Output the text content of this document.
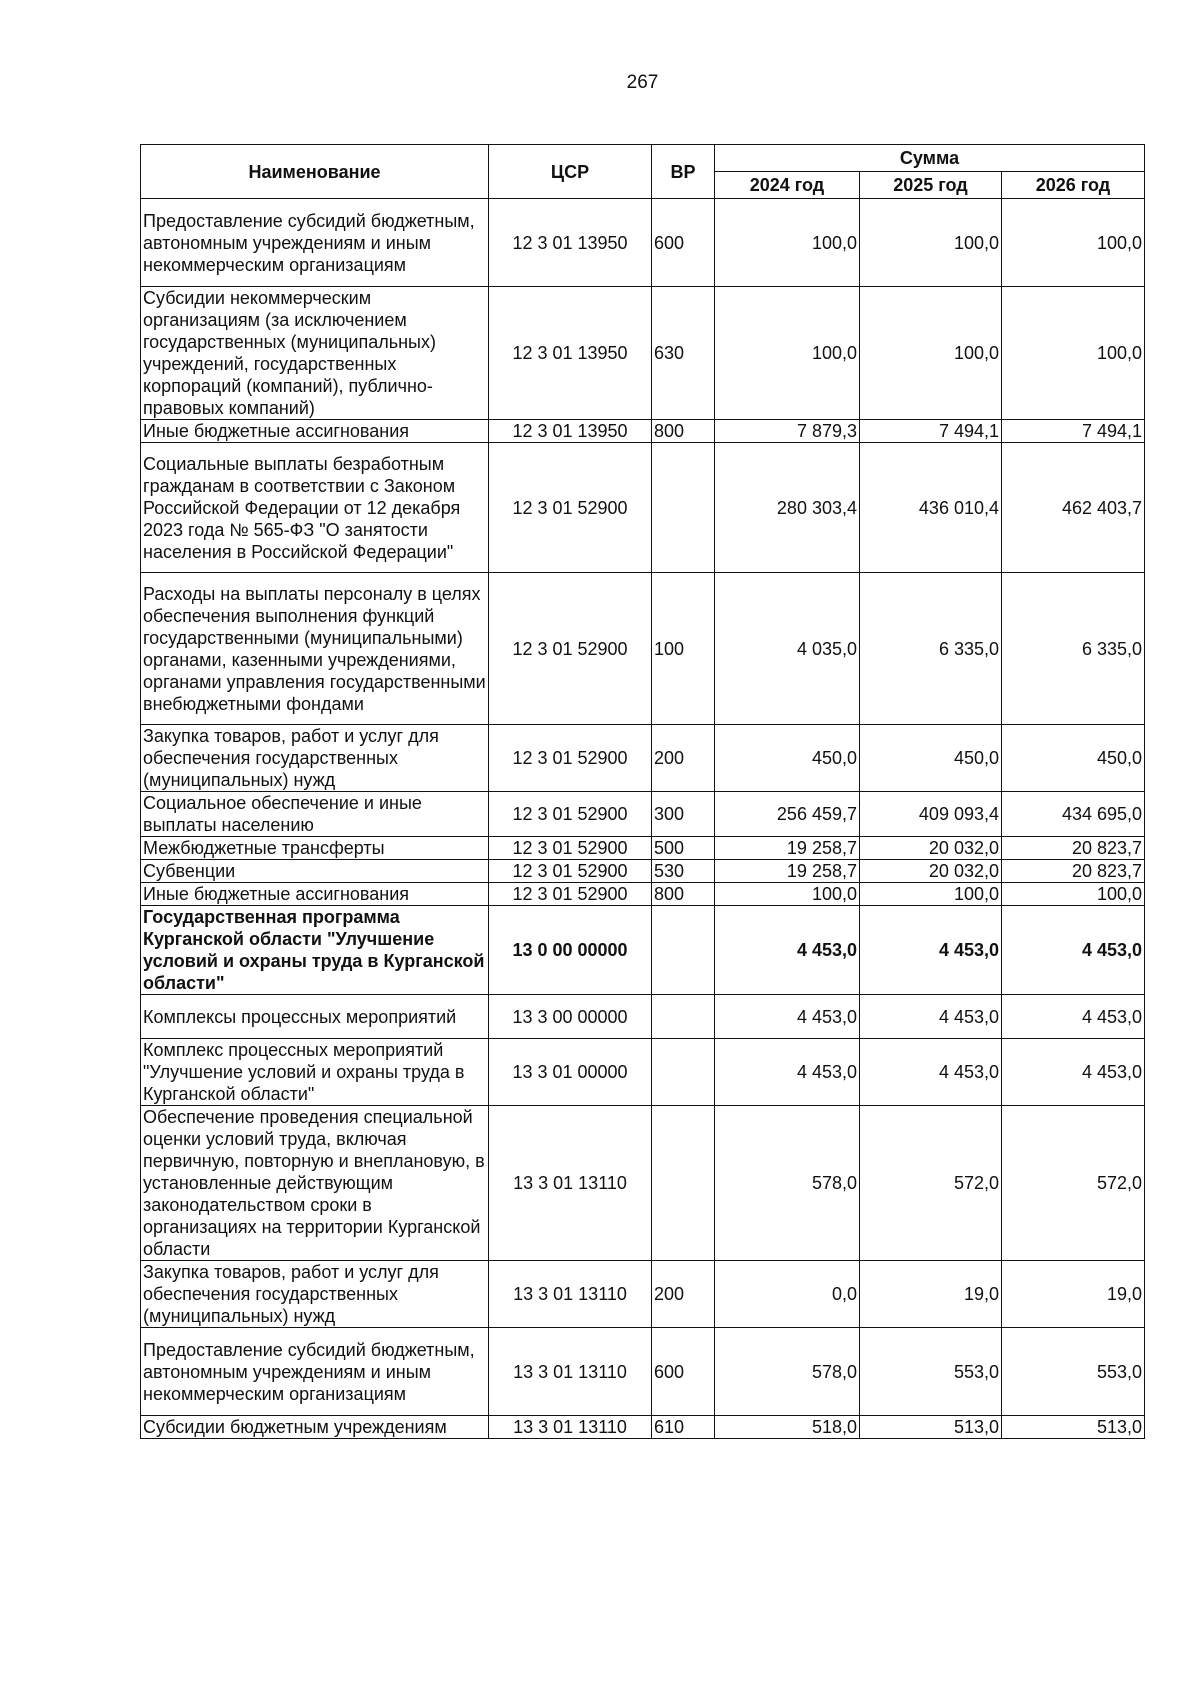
267
Наименование	ЦСР	ВР	Сумма		
			2024 год	2025 год	2026 год
Предоставление субсидий бюджетным, автономным учреждениям и иным некоммерческим организациям	12 3 01 13950	600	100,0	100,0	100,0
Субсидии некоммерческим организациям (за исключением государственных (муниципальных) учреждений, государственных корпораций (компаний), публично-правовых компаний)	12 3 01 13950	630	100,0	100,0	100,0
Иные бюджетные ассигнования	12 3 01 13950	800	7 879,3	7 494,1	7 494,1
Социальные выплаты безработным гражданам в соответствии с Законом Российской Федерации от 12 декабря 2023 года № 565-ФЗ "О занятости населения в Российской Федерации"	12 3 01 52900		280 303,4	436 010,4	462 403,7
Расходы на выплаты персоналу в целях обеспечения выполнения функций государственными (муниципальными) органами, казенными учреждениями, органами управления государственными внебюджетными фондами	12 3 01 52900	100	4 035,0	6 335,0	6 335,0
Закупка товаров, работ и услуг для обеспечения государственных (муниципальных) нужд	12 3 01 52900	200	450,0	450,0	450,0
Социальное обеспечение и иные выплаты населению	12 3 01 52900	300	256 459,7	409 093,4	434 695,0
Межбюджетные трансферты	12 3 01 52900	500	19 258,7	20 032,0	20 823,7
Субвенции	12 3 01 52900	530	19 258,7	20 032,0	20 823,7
Иные бюджетные ассигнования	12 3 01 52900	800	100,0	100,0	100,0
Государственная программа Курганской области "Улучшение условий и охраны труда в Курганской области"	13 0 00 00000		4 453,0	4 453,0	4 453,0
Комплексы процессных мероприятий	13 3 00 00000		4 453,0	4 453,0	4 453,0
Комплекс процессных мероприятий "Улучшение условий и охраны труда в Курганской области"	13 3 01 00000		4 453,0	4 453,0	4 453,0
Обеспечение проведения специальной оценки условий труда, включая первичную, повторную и внеплановую, в установленные действующим законодательством сроки в организациях на территории Курганской области	13 3 01 13110		578,0	572,0	572,0
Закупка товаров, работ и услуг для обеспечения государственных (муниципальных) нужд	13 3 01 13110	200	0,0	19,0	19,0
Предоставление субсидий бюджетным, автономным учреждениям и иным некоммерческим организациям	13 3 01 13110	600	578,0	553,0	553,0
Субсидии бюджетным учреждениям	13 3 01 13110	610	518,0	513,0	513,0
